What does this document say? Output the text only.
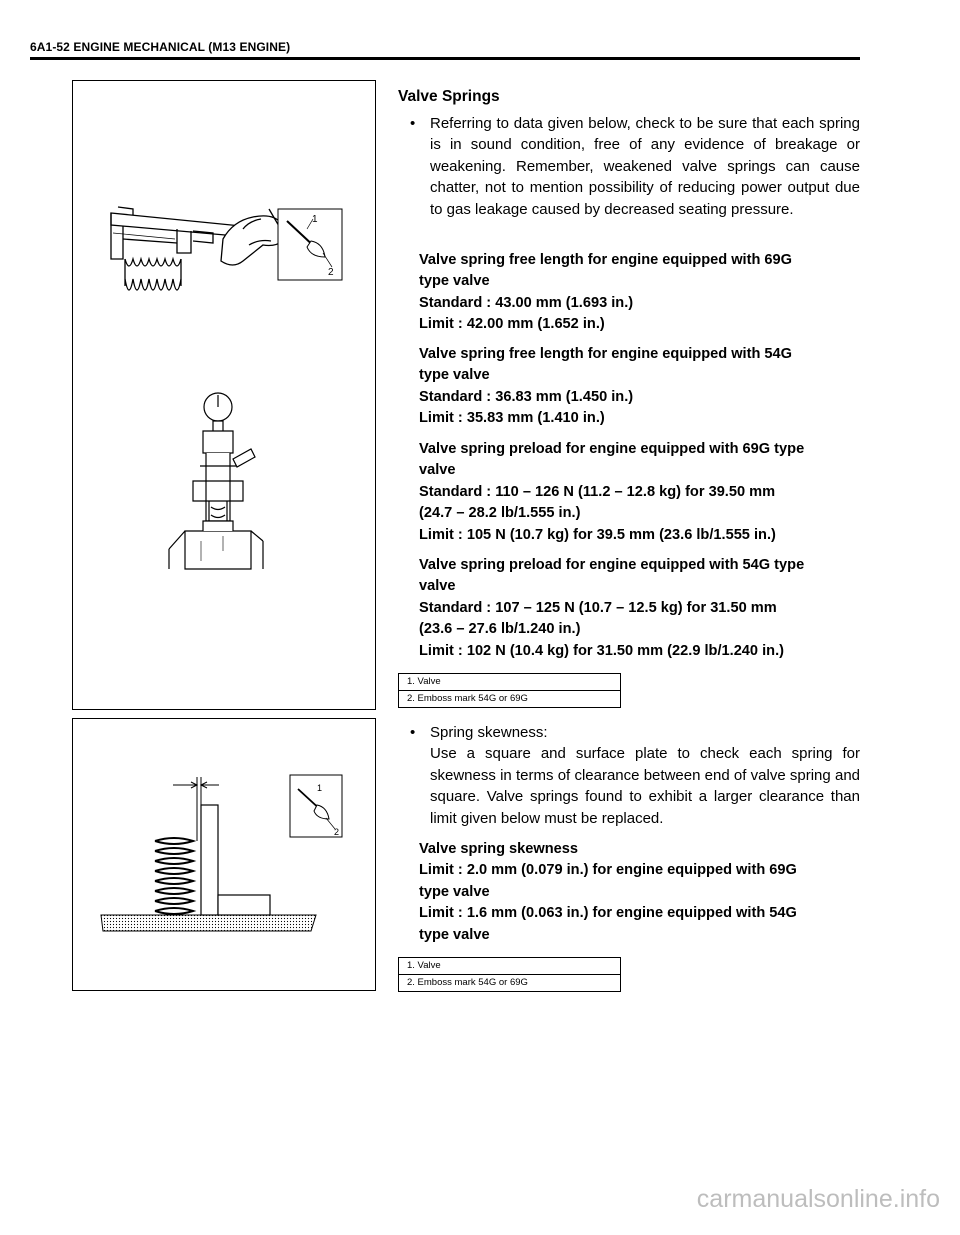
6A1-52 ENGINE MECHANICAL (M13 ENGINE)
1
2
1
2
Valve Springs
• Referring to data given below, check to be sure that each spring is in sound condition, free of any evidence of breakage or weakening. Remember, weakened valve springs can cause chatter, not to mention possibility of reducing power output due to gas leakage caused by decreased seating pressure.
Valve spring free length for engine equipped with 69G
type valve
Standard : 43.00 mm (1.693 in.)
Limit : 42.00 mm (1.652 in.)
Valve spring free length for engine equipped with 54G
type valve
Standard : 36.83 mm (1.450 in.)
Limit : 35.83 mm (1.410 in.)
Valve spring preload for engine equipped with 69G type
valve
Standard : 110 – 126 N (11.2 – 12.8 kg) for 39.50 mm
(24.7 – 28.2 lb/1.555 in.)
Limit : 105 N (10.7 kg) for 39.5 mm (23.6 lb/1.555 in.)
Valve spring preload for engine equipped with 54G type
valve
Standard : 107 – 125 N (10.7 – 12.5 kg) for 31.50 mm
(23.6 – 27.6 lb/1.240 in.)
Limit : 102 N (10.4 kg) for 31.50 mm (22.9 lb/1.240 in.)
1. Valve
2. Emboss mark 54G or 69G
• Spring skewness:
Use a square and surface plate to check each spring for skewness in terms of clearance between end of valve spring and square. Valve springs found to exhibit a larger clearance than limit given below must be replaced.
Valve spring skewness
Limit : 2.0 mm (0.079 in.) for engine equipped with 69G
type valve
Limit : 1.6 mm (0.063 in.) for engine equipped with 54G
type valve
1. Valve
2. Emboss mark 54G or 69G
carmanualsonline.info
